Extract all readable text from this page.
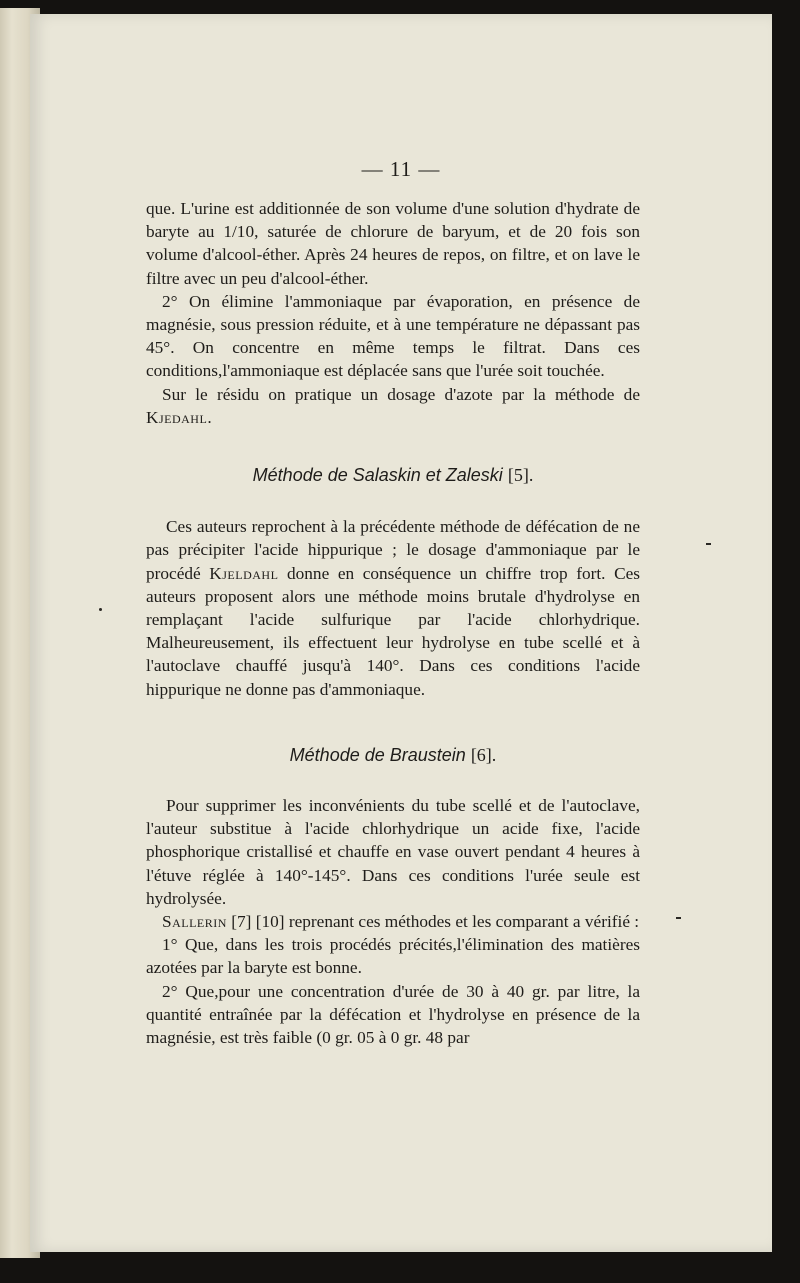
— 11 —

que. L'urine est additionnée de son volume d'une solution d'hydrate de baryte au 1/10, saturée de chlorure de baryum, et de 20 fois son volume d'alcool-éther. Après 24 heures de repos, on filtre, et on lave le filtre avec un peu d'alcool-éther.

2° On élimine l'ammoniaque par évaporation, en présence de magnésie, sous pression réduite, et à une température ne dépassant pas 45°. On concentre en même temps le filtrat. Dans ces conditions,l'ammoniaque est déplacée sans que l'urée soit touchée.

Sur le résidu on pratique un dosage d'azote par la méthode de Kjedahl.

Méthode de Salaskin et Zaleski [5].

Ces auteurs reprochent à la précédente méthode de défécation de ne pas précipiter l'acide hippurique ; le dosage d'ammoniaque par le procédé Kjeldahl donne en conséquence un chiffre trop fort. Ces auteurs proposent alors une méthode moins brutale d'hydrolyse en remplaçant l'acide sulfurique par l'acide chlorhydrique. Malheureusement, ils effectuent leur hydrolyse en tube scellé et à l'autoclave chauffé jusqu'à 140°. Dans ces conditions l'acide hippurique ne donne pas d'ammoniaque.

Méthode de Braustein [6].

Pour supprimer les inconvénients du tube scellé et de l'autoclave, l'auteur substitue à l'acide chlorhydrique un acide fixe, l'acide phosphorique cristallisé et chauffe en vase ouvert pendant 4 heures à l'étuve réglée à 140°-145°. Dans ces conditions l'urée seule est hydrolysée.

Sallerin [7] [10] reprenant ces méthodes et les comparant a vérifié :

1° Que, dans les trois procédés précités,l'élimination des matières azotées par la baryte est bonne.

2° Que,pour une concentration d'urée de 30 à 40 gr. par litre, la quantité entraînée par la défécation et l'hydrolyse en présence de la magnésie, est très faible (0 gr. 05 à 0 gr. 48 par
